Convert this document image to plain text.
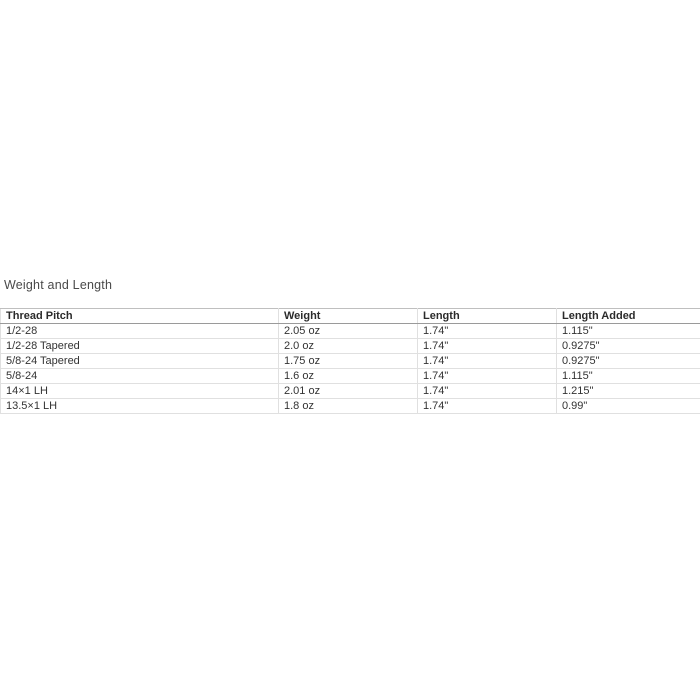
Weight and Length
Thread Pitch	Weight	Length	Length Added
1/2-28	2.05 oz	1.74"	1.115"
1/2-28 Tapered	2.0 oz	1.74"	0.9275"
5/8-24 Tapered	1.75 oz	1.74"	0.9275"
5/8-24	1.6 oz	1.74"	1.115"
14×1 LH	2.01 oz	1.74"	1.215"
13.5×1 LH	1.8 oz	1.74"	0.99"
